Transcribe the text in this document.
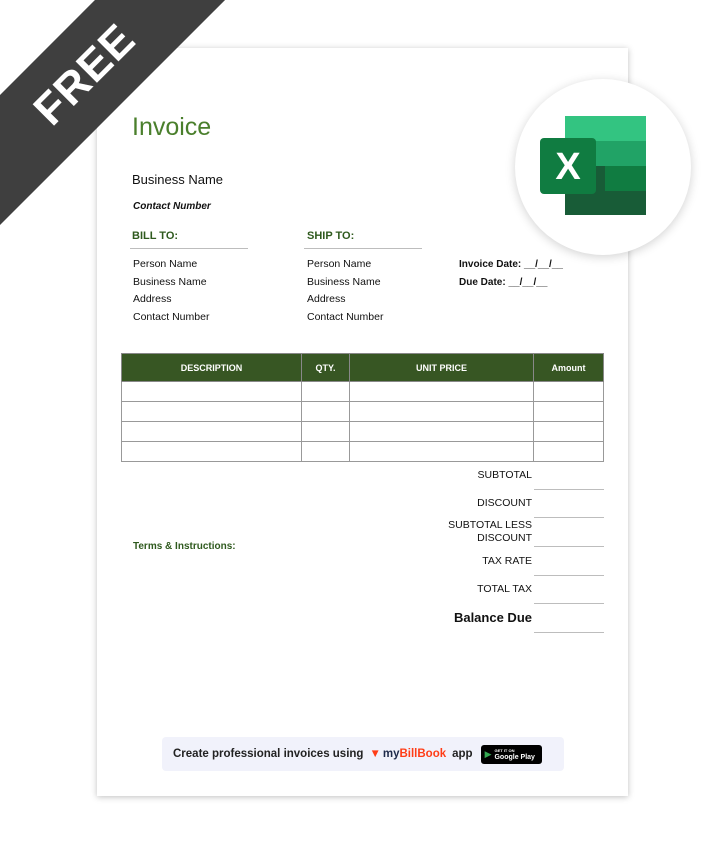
FREE
Invoice
Business Name
Contact Number
BILL TO:	SHIP TO:
Person Name
Business Name
Address
Contact Number
Person Name
Business Name
Address
Contact Number
Invoice Date: __/__/__
Due Date: __/__/__
DESCRIPTION	QTY.	UNIT PRICE	Amount

SUBTOTAL
DISCOUNT
SUBTOTAL LESS DISCOUNT
TAX RATE
TOTAL TAX
Balance Due
Terms & Instructions:
Create professional invoices using ▼ my BillBook app ▶ GET IT ON
Google Play
X
